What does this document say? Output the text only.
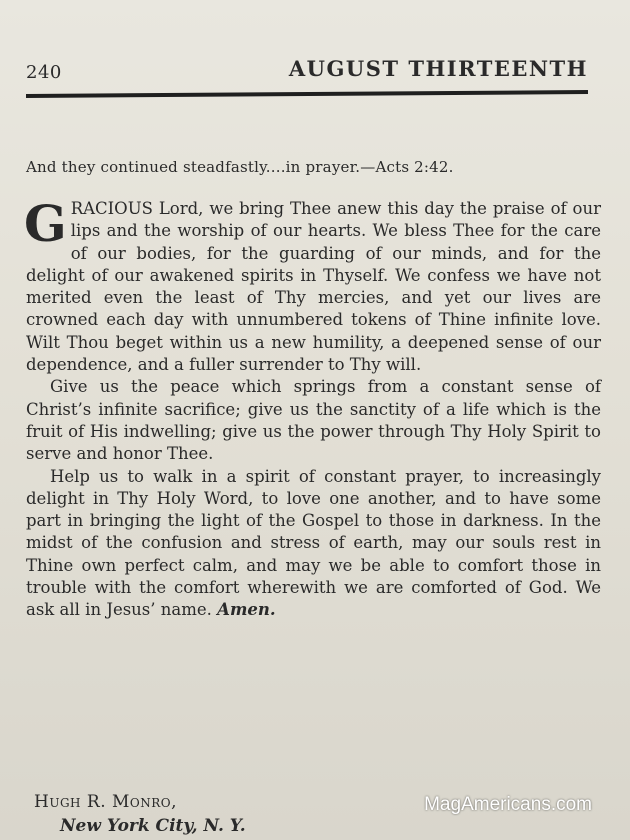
240	AUGUST THIRTEENTH
And they continued steadfastly....in prayer.—Acts 2:42.

GRACIOUS Lord, we bring Thee anew this day the praise of our lips and the worship of our hearts. We bless Thee for the care of our bodies, for the guarding of our minds, and for the delight of our awakened spirits in Thyself. We confess we have not merited even the least of Thy mercies, and yet our lives are crowned each day with unnumbered tokens of Thine infinite love. Wilt Thou beget within us a new humility, a deepened sense of our dependence, and a fuller surrender to Thy will.

Give us the peace which springs from a constant sense of Christ’s infinite sacrifice; give us the sanctity of a life which is the fruit of His indwelling; give us the power through Thy Holy Spirit to serve and honor Thee.

Help us to walk in a spirit of constant prayer, to increasingly delight in Thy Holy Word, to love one another, and to have some part in bringing the light of the Gospel to those in darkness. In the midst of the confusion and stress of earth, may our souls rest in Thine own perfect calm, and may we be able to comfort those in trouble with the comfort wherewith we are comforted of God. We ask all in Jesus’ name. Amen.

Hugh R. Monro,
New York City, N. Y.
MagAmericans.com
